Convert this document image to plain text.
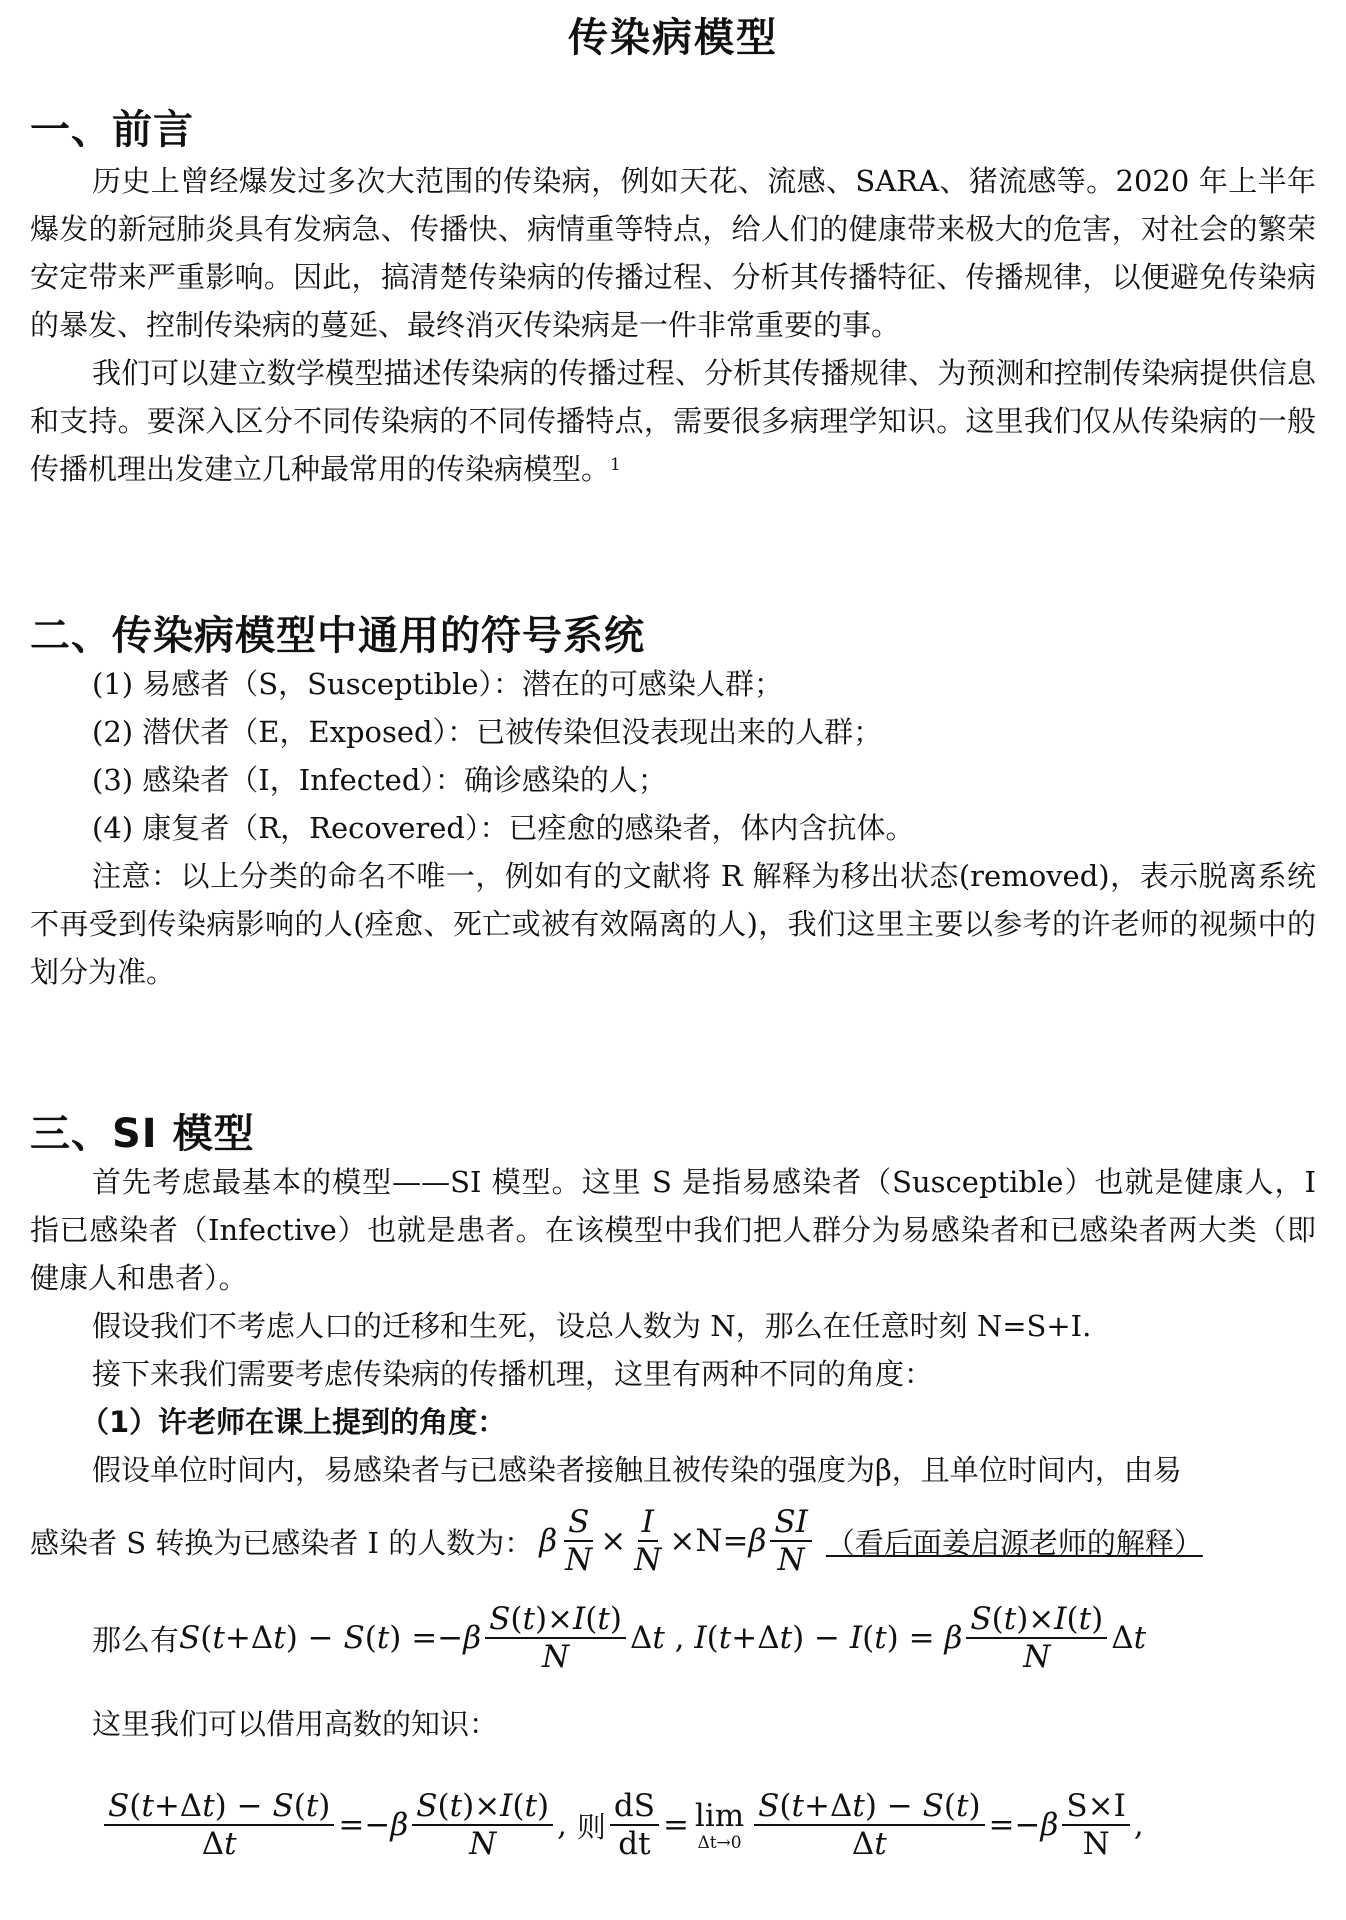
传染病模型
一、前言

历史上曾经爆发过多次大范围的传染病，例如天花、流感、SARA、猪流感等。2020 年上半年爆发的新冠肺炎具有发病急、传播快、病情重等特点，给人们的健康带来极大的危害，对社会的繁荣安定带来严重影响。因此，搞清楚传染病的传播过程、分析其传播特征、传播规律，以便避免传染病的暴发、控制传染病的蔓延、最终消灭传染病是一件非常重要的事。

我们可以建立数学模型描述传染病的传播过程、分析其传播规律、为预测和控制传染病提供信息和支持。要深入区分不同传染病的不同传播特点，需要很多病理学知识。这里我们仅从传染病的一般传播机理出发建立几种最常用的传染病模型。$^1$

二、传染病模型中通用的符号系统

(1) 易感者（S，Susceptible）：潜在的可感染人群；

(2) 潜伏者（E，Exposed）：已被传染但没表现出来的人群；

(3) 感染者（I，Infected）：确诊感染的人；

(4) 康复者（R，Recovered）：已痊愈的感染者，体内含抗体。

注意：以上分类的命名不唯一，例如有的文献将 R 解释为移出状态(removed)，表示脱离系统不再受到传染病影响的人(痊愈、死亡或被有效隔离的人)，我们这里主要以参考的许老师的视频中的划分为准。

三、SI 模型

首先考虑最基本的模型——SI 模型。这里 S 是指易感染者（Susceptible）也就是健康人，I 指已感染者（Infective）也就是患者。在该模型中我们把人群分为易感染者和已感染者两大类（即健康人和患者）。

假设我们不考虑人口的迁移和生死，设总人数为 N，那么在任意时刻 N=S+I.

接下来我们需要考虑传染病的传播机理，这里有两种不同的角度：

（1）许老师在课上提到的角度：

假设单位时间内，易感染者与已感染者接触且被传染的强度为β，且单位时间内，由易

感染者 S 转换为已感染者 I 的人数为： β $\frac{S}{N} \times \frac{I}{N} \times N= \beta \frac{SI}{N}$ （看后面姜启源老师的解释）
那么有 S ( t +Δ t ) − S ( t ) =− β $\frac{S(t)\times I(t)}{N}$ Δ t , I ( t +Δ t ) − I ( t ) = β $\frac{S(t)\times I(t)}{N}$ Δ t

这里我们可以借用高数的知识：

$\frac{S(t+\Delta t) - S(t)}{\Delta t} =- \beta \frac{S(t)\times I(t)}{N}$ , 则 $\frac{dS}{dt} = \lim$
$\Delta t\to 0 \frac{S(t+\Delta t) - S(t)}{\Delta t} =- \beta \frac{S\times I}{N}$ ,
